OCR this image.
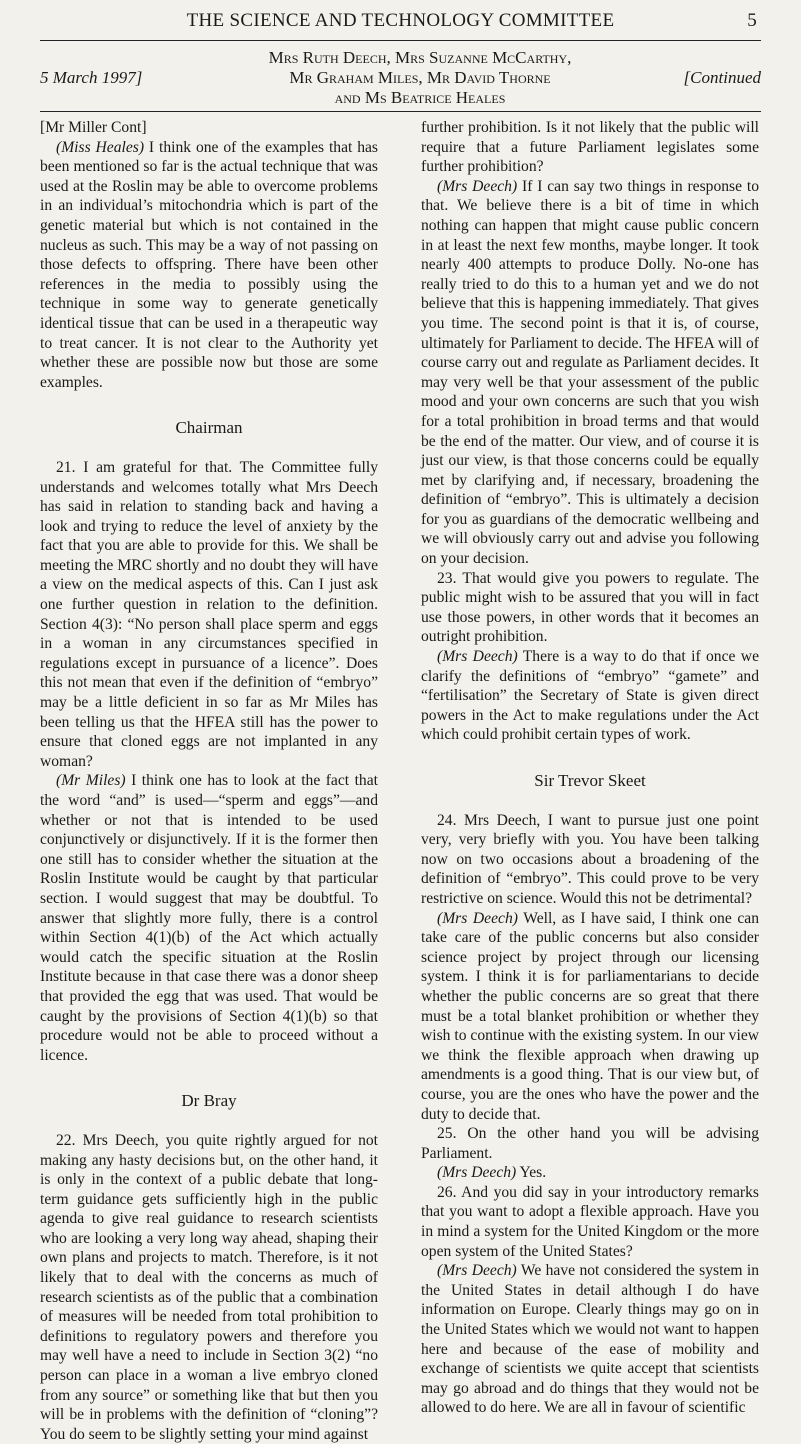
THE SCIENCE AND TECHNOLOGY COMMITTEE	5
Mrs Ruth Deech, Mrs Suzanne McCarthy,
Mr Graham Miles, Mr David Thorne
and Ms Beatrice Heales
5 March 1997]	[Continued

[Mr Miller Cont]

(Miss Heales) I think one of the examples that has been mentioned so far is the actual technique that was used at the Roslin may be able to overcome problems in an individual’s mitochondria which is part of the genetic material but which is not contained in the nucleus as such. This may be a way of not passing on those defects to offspring. There have been other references in the media to possibly using the technique in some way to generate genetically identical tissue that can be used in a therapeutic way to treat cancer. It is not clear to the Authority yet whether these are possible now but those are some examples.

Chairman

21. I am grateful for that. The Committee fully understands and welcomes totally what Mrs Deech has said in relation to standing back and having a look and trying to reduce the level of anxiety by the fact that you are able to provide for this. We shall be meeting the MRC shortly and no doubt they will have a view on the medical aspects of this. Can I just ask one further question in relation to the definition. Section 4(3): “No person shall place sperm and eggs in a woman in any circumstances specified in regulations except in pursuance of a licence”. Does this not mean that even if the definition of “embryo” may be a little deficient in so far as Mr Miles has been telling us that the HFEA still has the power to ensure that cloned eggs are not implanted in any woman?

(Mr Miles) I think one has to look at the fact that the word “and” is used—“sperm and eggs”—and whether or not that is intended to be used conjunctively or disjunctively. If it is the former then one still has to consider whether the situation at the Roslin Institute would be caught by that particular section. I would suggest that may be doubtful. To answer that slightly more fully, there is a control within Section 4(1)(b) of the Act which actually would catch the specific situation at the Roslin Institute because in that case there was a donor sheep that provided the egg that was used. That would be caught by the provisions of Section 4(1)(b) so that procedure would not be able to proceed without a licence.

Dr Bray

22. Mrs Deech, you quite rightly argued for not making any hasty decisions but, on the other hand, it is only in the context of a public debate that long-term guidance gets sufficiently high in the public agenda to give real guidance to research scientists who are looking a very long way ahead, shaping their own plans and projects to match. Therefore, is it not likely that to deal with the concerns as much of research scientists as of the public that a combination of measures will be needed from total prohibition to definitions to regulatory powers and therefore you may well have a need to include in Section 3(2) “no person can place in a woman a live embryo cloned from any source” or something like that but then you will be in problems with the definition of “cloning”? You do seem to be slightly setting your mind against

further prohibition. Is it not likely that the public will require that a future Parliament legislates some further prohibition?

(Mrs Deech) If I can say two things in response to that. We believe there is a bit of time in which nothing can happen that might cause public concern in at least the next few months, maybe longer. It took nearly 400 attempts to produce Dolly. No-one has really tried to do this to a human yet and we do not believe that this is happening immediately. That gives you time. The second point is that it is, of course, ultimately for Parliament to decide. The HFEA will of course carry out and regulate as Parliament decides. It may very well be that your assessment of the public mood and your own concerns are such that you wish for a total prohibition in broad terms and that would be the end of the matter. Our view, and of course it is just our view, is that those concerns could be equally met by clarifying and, if necessary, broadening the definition of “embryo”. This is ultimately a decision for you as guardians of the democratic wellbeing and we will obviously carry out and advise you following on your decision.

23. That would give you powers to regulate. The public might wish to be assured that you will in fact use those powers, in other words that it becomes an outright prohibition.

(Mrs Deech) There is a way to do that if once we clarify the definitions of “embryo” “gamete” and “fertilisation” the Secretary of State is given direct powers in the Act to make regulations under the Act which could prohibit certain types of work.

Sir Trevor Skeet

24. Mrs Deech, I want to pursue just one point very, very briefly with you. You have been talking now on two occasions about a broadening of the definition of “embryo”. This could prove to be very restrictive on science. Would this not be detrimental?

(Mrs Deech) Well, as I have said, I think one can take care of the public concerns but also consider science project by project through our licensing system. I think it is for parliamentarians to decide whether the public concerns are so great that there must be a total blanket prohibition or whether they wish to continue with the existing system. In our view we think the flexible approach when drawing up amendments is a good thing. That is our view but, of course, you are the ones who have the power and the duty to decide that.

25. On the other hand you will be advising Parliament.

(Mrs Deech) Yes.

26. And you did say in your introductory remarks that you want to adopt a flexible approach. Have you in mind a system for the United Kingdom or the more open system of the United States?

(Mrs Deech) We have not considered the system in the United States in detail although I do have information on Europe. Clearly things may go on in the United States which we would not want to happen here and because of the ease of mobility and exchange of scientists we quite accept that scientists may go abroad and do things that they would not be allowed to do here. We are all in favour of scientific
